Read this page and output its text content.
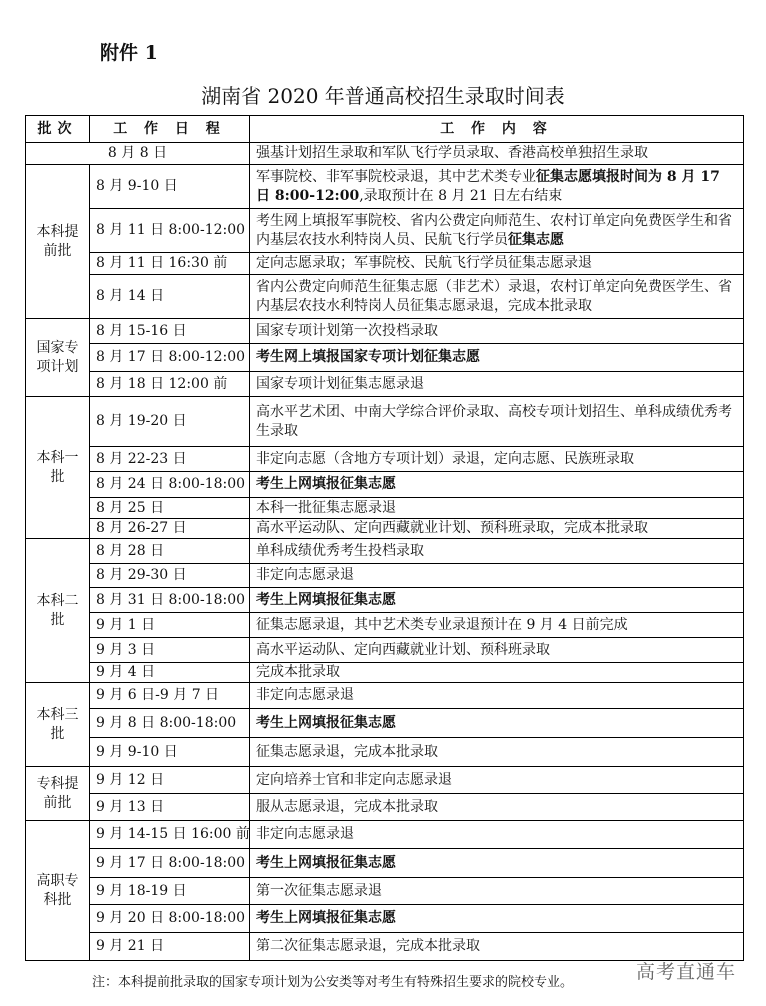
附件 1
湖南省 2020 年普通高校招生录取时间表
批次	工 作 日 程	工 作 内 容
8 月 8 日		强基计划招生录取和军队飞行学员录取、香港高校单独招生录取
本科提前批	8 月 9-10 日	军事院校、非军事院校录退，其中艺术类专业征集志愿填报时间为 8 月 17 日 8:00-12:00,录取预计在 8 月 21 日左右结束
	8 月 11 日 8:00-12:00	考生网上填报军事院校、省内公费定向师范生、农村订单定向免费医学生和省内基层农技水利特岗人员、民航飞行学员征集志愿
	8 月 11 日 16:30 前	定向志愿录取；军事院校、民航飞行学员征集志愿录退
	8 月 14 日	省内公费定向师范生征集志愿（非艺术）录退，农村订单定向免费医学生、省内基层农技水利特岗人员征集志愿录退，完成本批录取
国家专项计划	8 月 15-16 日	国家专项计划第一次投档录取
	8 月 17 日 8:00-12:00	考生网上填报国家专项计划征集志愿
	8 月 18 日 12:00 前	国家专项计划征集志愿录退
本科一批	8 月 19-20 日	高水平艺术团、中南大学综合评价录取、高校专项计划招生、单科成绩优秀考生录取
	8 月 22-23 日	非定向志愿（含地方专项计划）录退，定向志愿、民族班录取
	8 月 24 日 8:00-18:00	考生上网填报征集志愿
	8 月 25 日	本科一批征集志愿录退
	8 月 26-27 日	高水平运动队、定向西藏就业计划、预科班录取，完成本批录取
本科二批	8 月 28 日	单科成绩优秀考生投档录取
	8 月 29-30 日	非定向志愿录退
	8 月 31 日 8:00-18:00	考生上网填报征集志愿
	9 月 1 日	征集志愿录退，其中艺术类专业录退预计在 9 月 4 日前完成
	9 月 3 日	高水平运动队、定向西藏就业计划、预科班录取
	9 月 4 日	完成本批录取
本科三批	9 月 6 日-9 月 7 日	非定向志愿录退
	9 月 8 日 8:00-18:00	考生上网填报征集志愿
	9 月 9-10 日	征集志愿录退，完成本批录取
专科提前批	9 月 12 日	定向培养士官和非定向志愿录退
	9 月 13 日	服从志愿录退，完成本批录取
高职专科批	9 月 14-15 日 16:00 前	非定向志愿录退
	9 月 17 日 8:00-18:00	考生上网填报征集志愿
	9 月 18-19 日	第一次征集志愿录退
	9 月 20 日 8:00-18:00	考生上网填报征集志愿
	9 月 21 日	第二次征集志愿录退，完成本批录取
注：本科提前批录取的国家专项计划为公安类等对考生有特殊招生要求的院校专业。	高考直通车
